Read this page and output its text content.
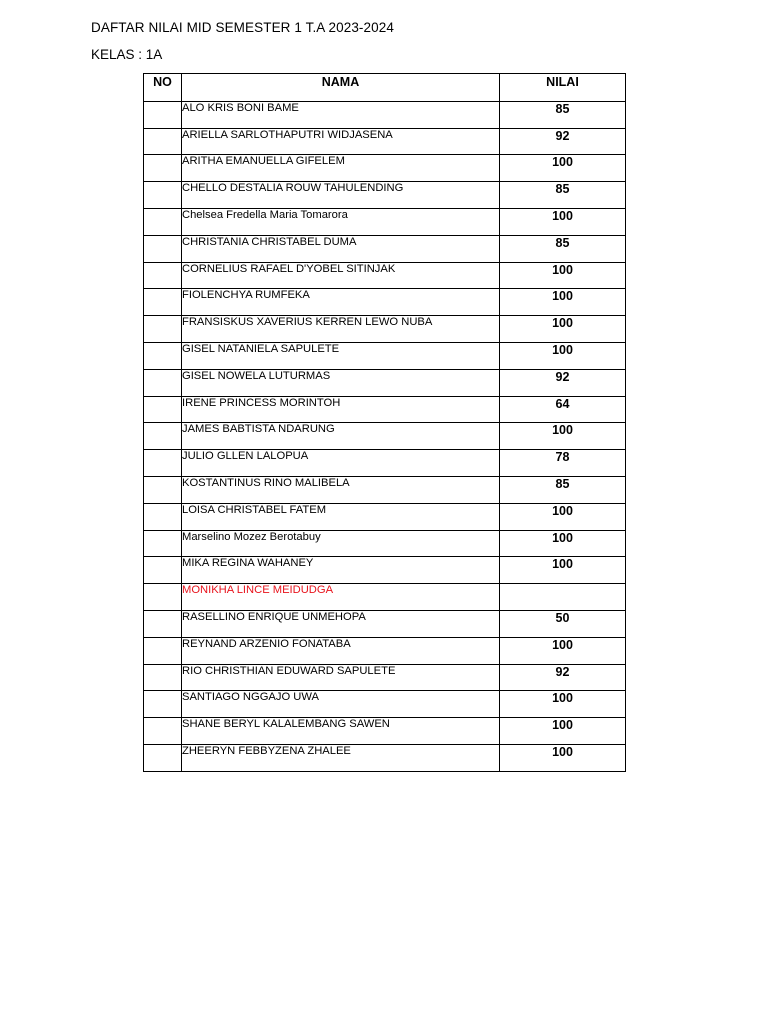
DAFTAR NILAI MID SEMESTER 1 T.A 2023-2024
KELAS : 1A
NO	NAMA	NILAI
	ALO KRIS BONI BAME	85
	ARIELLA SARLOTHAPUTRI WIDJASENA	92
	ARITHA EMANUELLA GIFELEM	100
	CHELLO DESTALIA ROUW TAHULENDING	85
	Chelsea Fredella Maria Tomarora	100
	CHRISTANIA CHRISTABEL DUMA	85
	CORNELIUS RAFAEL D'YOBEL SITINJAK	100
	FIOLENCHYA RUMFEKA	100
	FRANSISKUS XAVERIUS KERREN LEWO NUBA	100
	GISEL NATANIELA SAPULETE	100
	GISEL NOWELA LUTURMAS	92
	IRENE PRINCESS MORINTOH	64
	JAMES BABTISTA NDARUNG	100
	JULIO GLLEN LALOPUA	78
	KOSTANTINUS RINO MALIBELA	85
	LOISA CHRISTABEL FATEM	100
	Marselino Mozez Berotabuy	100
	MIKA REGINA WAHANEY	100
	MONIKHA LINCE MEIDUDGA	
	RASELLINO ENRIQUE UNMEHOPA	50
	REYNAND ARZENIO FONATABA	100
	RIO CHRISTHIAN EDUWARD SAPULETE	92
	SANTIAGO NGGAJO UWA	100
	SHANE BERYL KALALEMBANG SAWEN	100
	ZHEERYN FEBBYZENA ZHALEE	100
